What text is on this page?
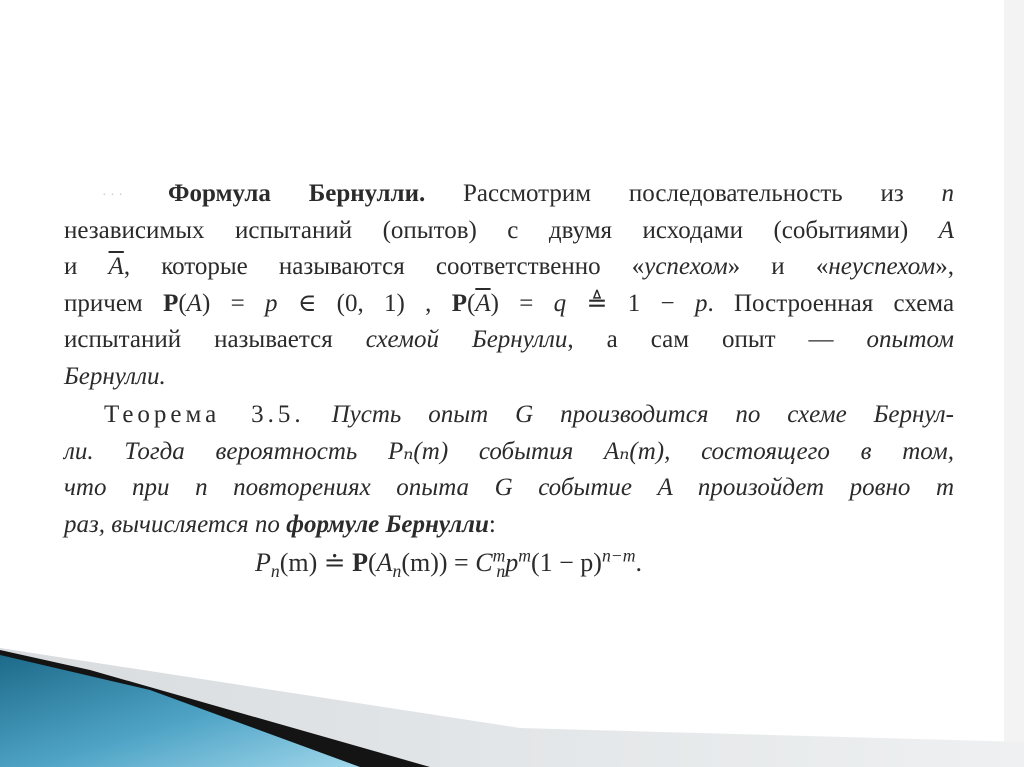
· · ·	Формула Бернулли. Рассмотрим последовательность из n
независимых испытаний (опытов) с двумя исходами (событиями) A
и $\overline{A}$, которые называются соответственно «успехом» и «неуспехом»,
причем P(A) = p ∈ (0, 1) , $P(\overline{A}) = q$ ≜ 1 − p. Построенная схема
испытаний называется схемой Бернулли, а сам опыт — опытом
Бернулли.
Теорема 3.5. Пусть опыт G производится по схеме Бернул-
ли. Тогда вероятность Pₙ(m) события Aₙ(m), состоящего в том,
что при n повторениях опыта G событие A произойдет ровно m
раз, вычисляется по формуле Бернулли:
$P_n(m)$ ≐ $P(A_n(m)) = C^m_np^m(1 - p)^{n-m}$.
